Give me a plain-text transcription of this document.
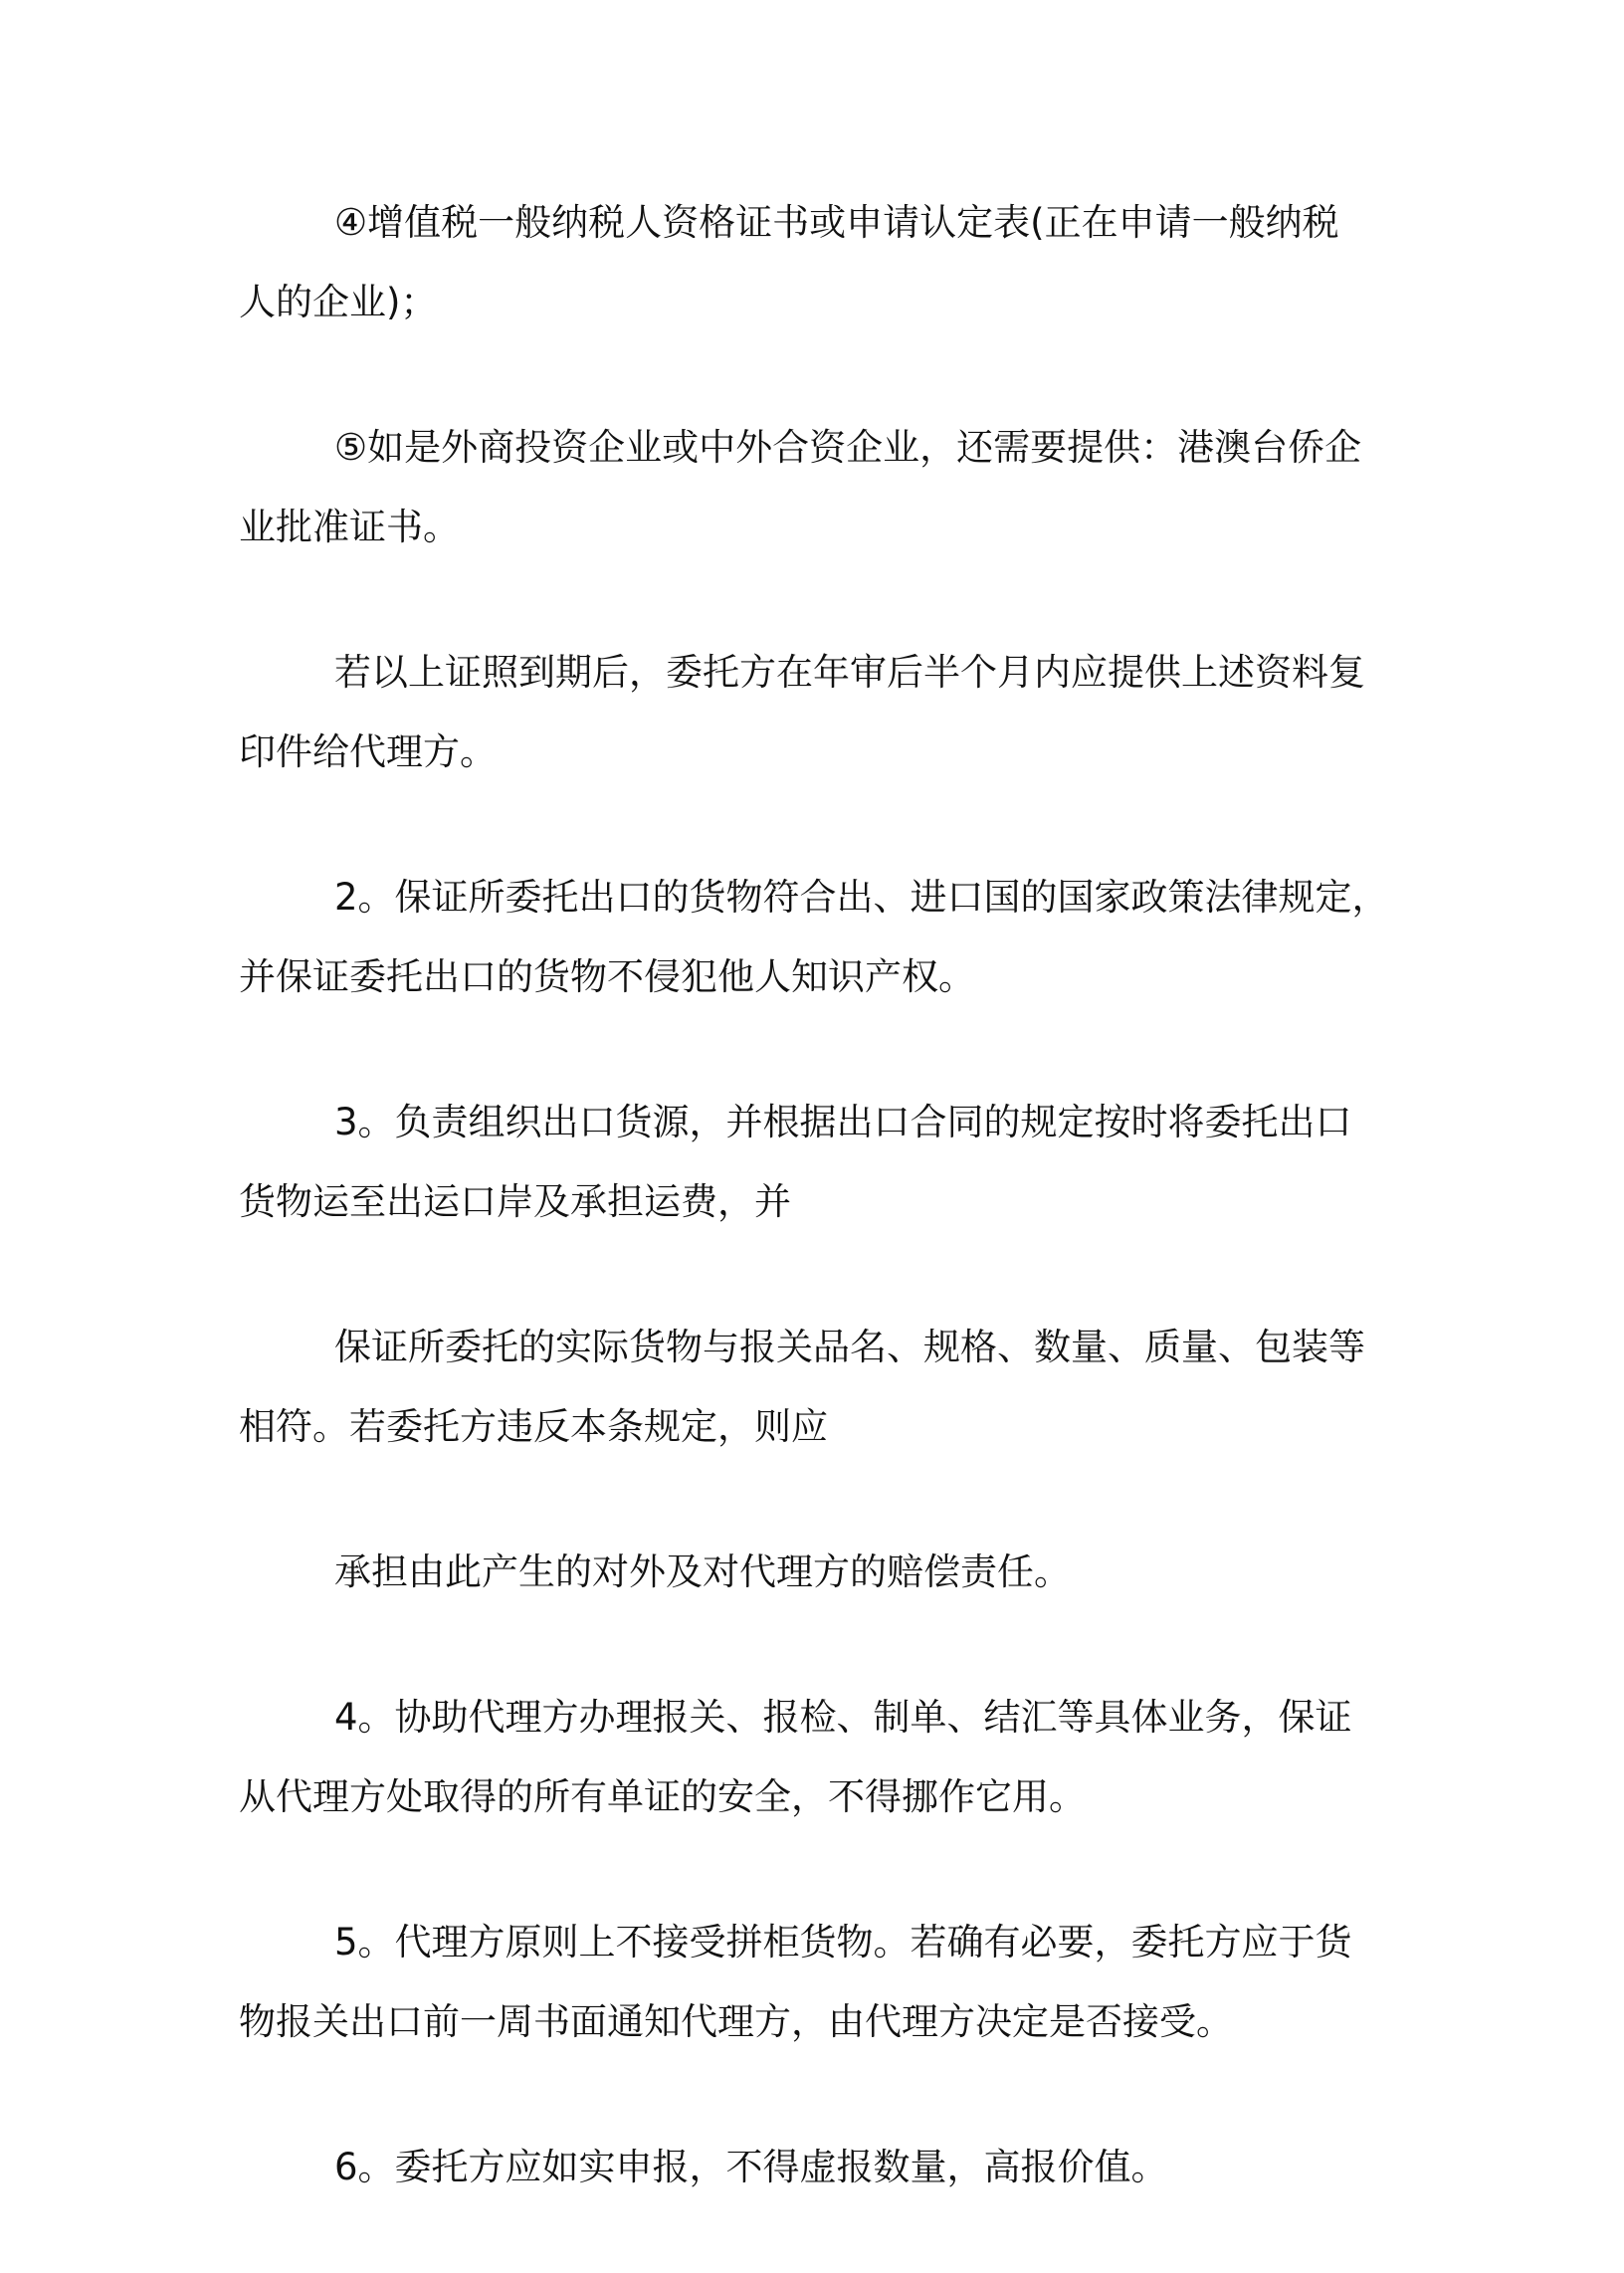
④增值税一般纳税人资格证书或申请认定表(正在申请一般纳税
人的企业)；

⑤如是外商投资企业或中外合资企业，还需要提供：港澳台侨企
业批准证书。

若以上证照到期后，委托方在年审后半个月内应提供上述资料复
印件给代理方。

2。保证所委托出口的货物符合出、进口国的国家政策法律规定，
并保证委托出口的货物不侵犯他人知识产权。

3。负责组织出口货源，并根据出口合同的规定按时将委托出口
货物运至出运口岸及承担运费，并

保证所委托的实际货物与报关品名、规格、数量、质量、包装等
相符。若委托方违反本条规定，则应

承担由此产生的对外及对代理方的赔偿责任。

4。协助代理方办理报关、报检、制单、结汇等具体业务，保证
从代理方处取得的所有单证的安全，不得挪作它用。

5。代理方原则上不接受拼柜货物。若确有必要，委托方应于货
物报关出口前一周书面通知代理方，由代理方决定是否接受。

6。委托方应如实申报，不得虚报数量，高报价值。
